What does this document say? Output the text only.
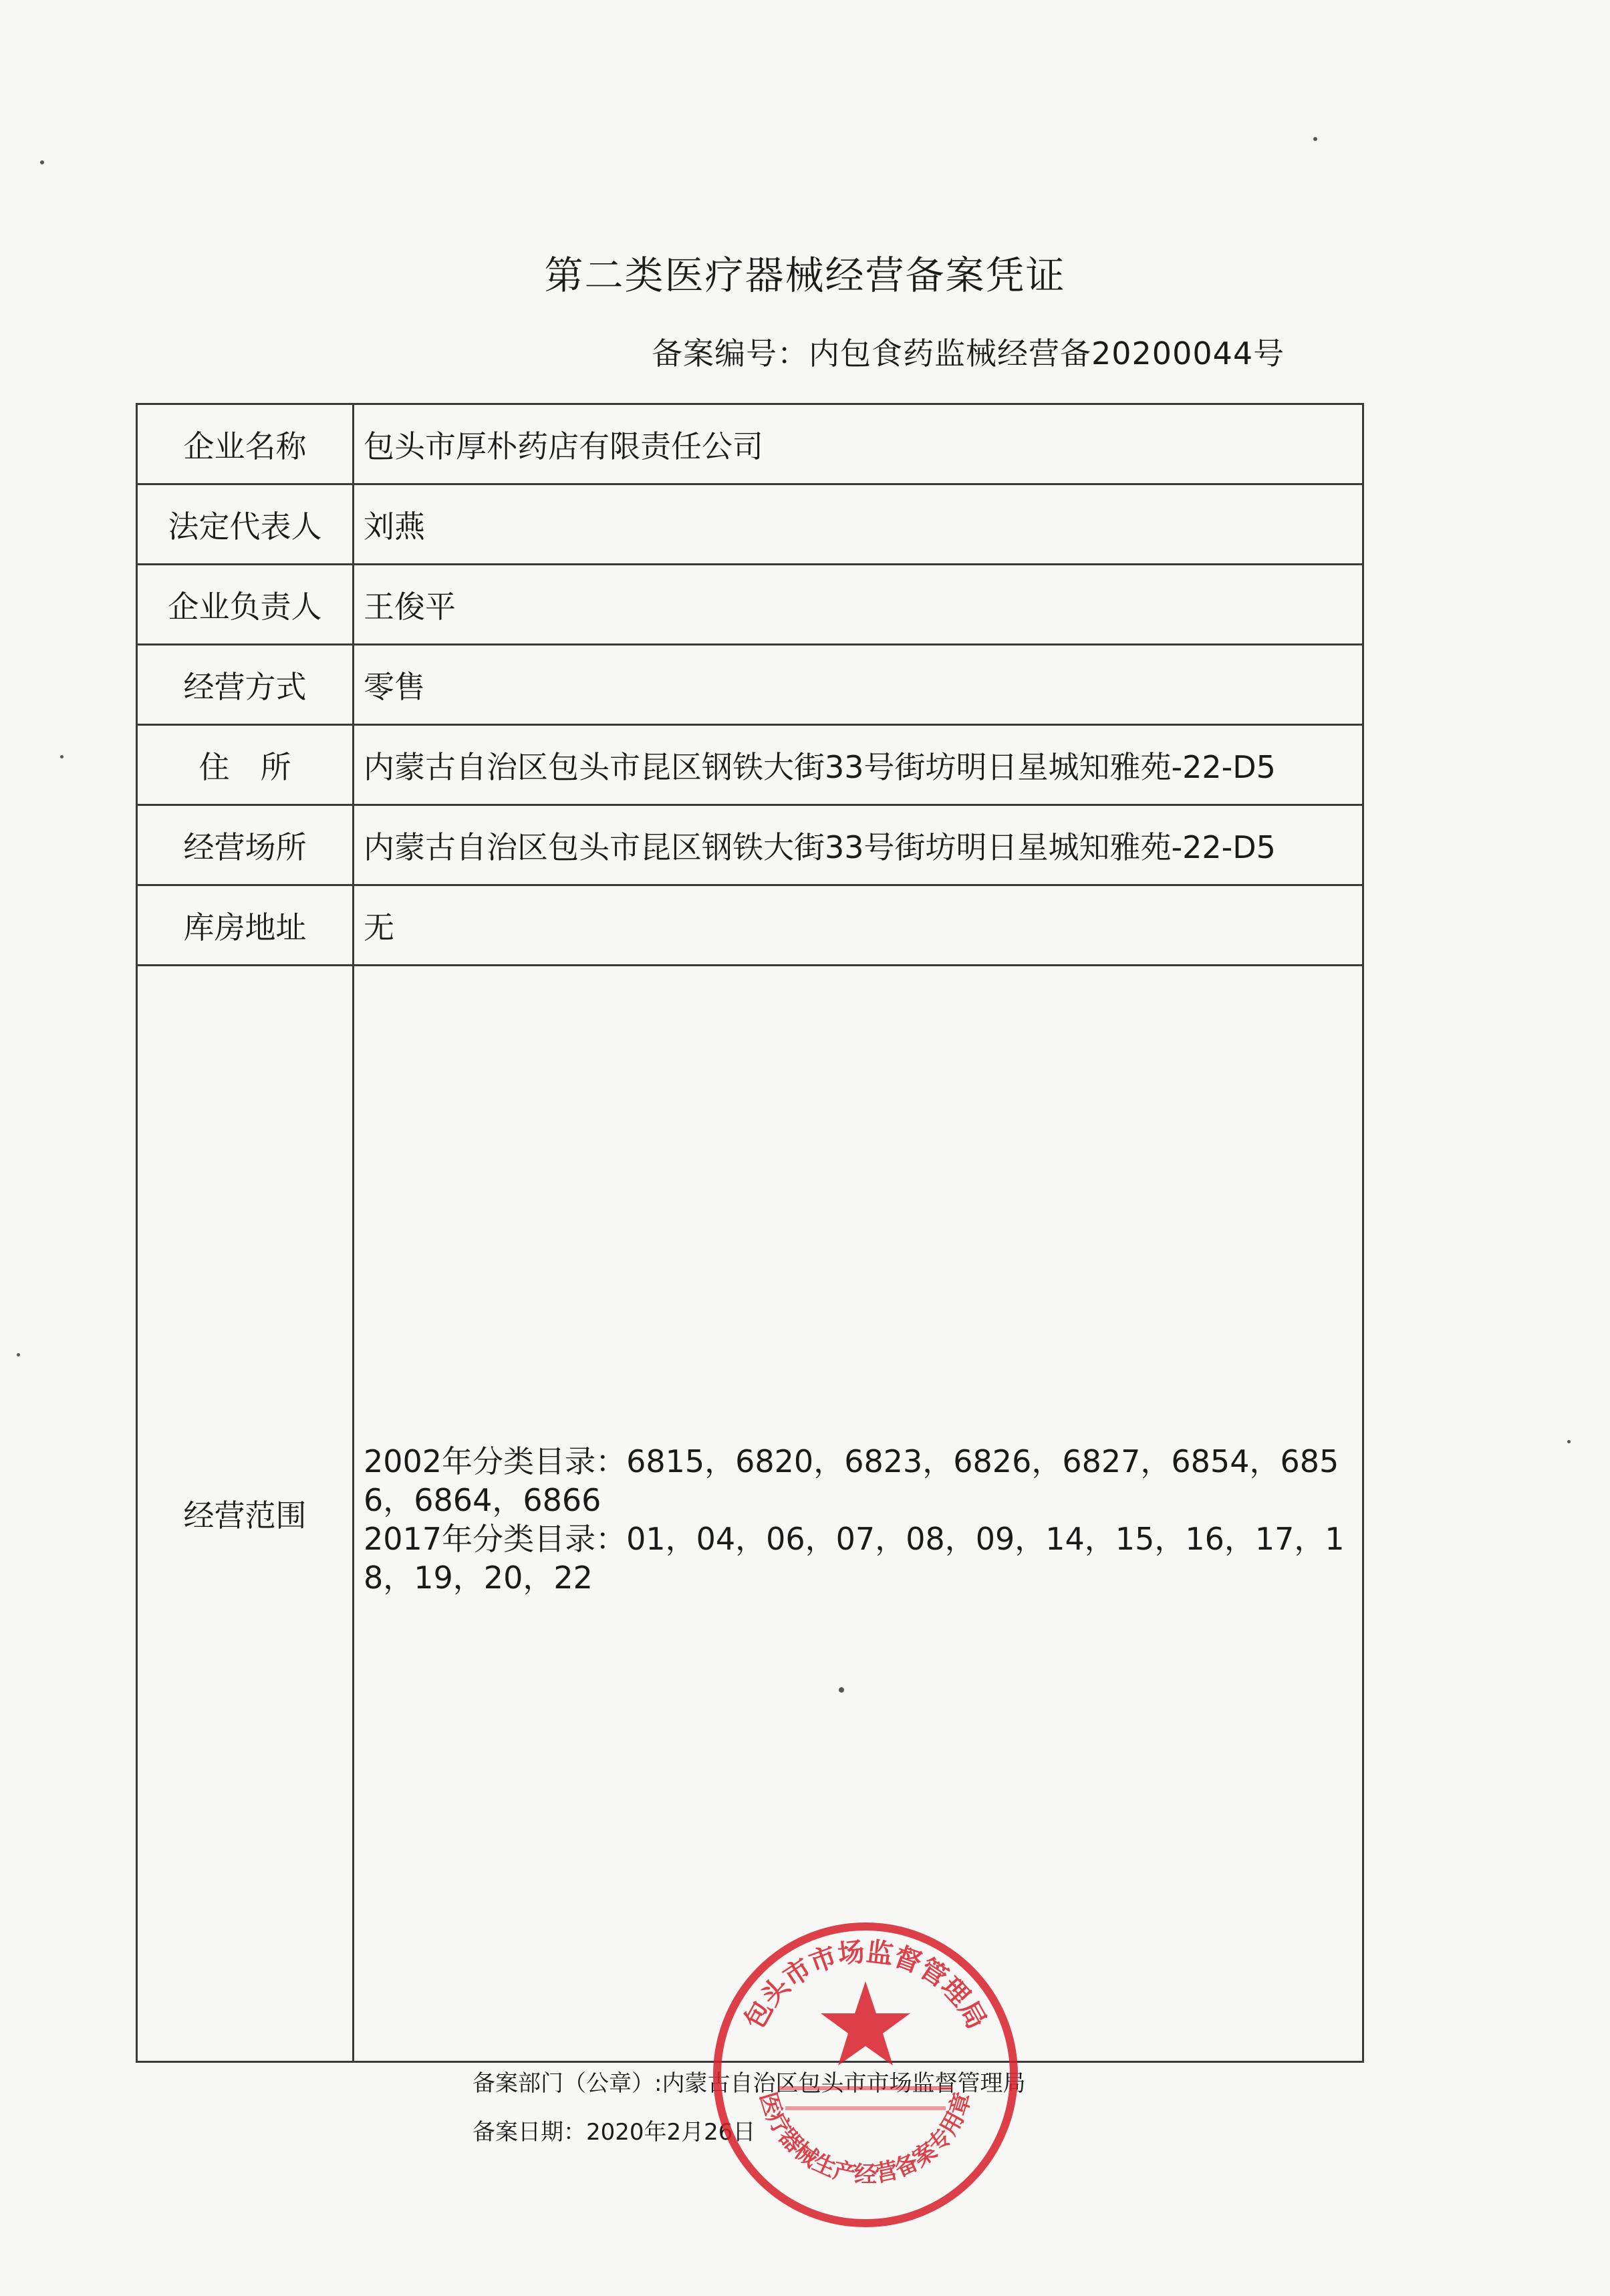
第二类医疗器械经营备案凭证
备案编号：内包食药监械经营备20200044号
企业名称	包头市厚朴药店有限责任公司
法定代表人	刘燕
企业负责人	王俊平
经营方式	零售
住　所	内蒙古自治区包头市昆区钢铁大街33号街坊明日星城知雅苑-22-D5
经营场所	内蒙古自治区包头市昆区钢铁大街33号街坊明日星城知雅苑-22-D5
库房地址	无
经营范围	2002年分类目录：6815，6820，6823，6826，6827，6854，6856，6864，6866
2017年分类目录：01，04，06，07，08，09，14，15，16，17，18，19，20，22
备案部门（公章）:内蒙古自治区包头市市场监督管理局
备案日期：2020年2月26日
包头市市场监督管理局
医疗器械生产经营备案专用章
